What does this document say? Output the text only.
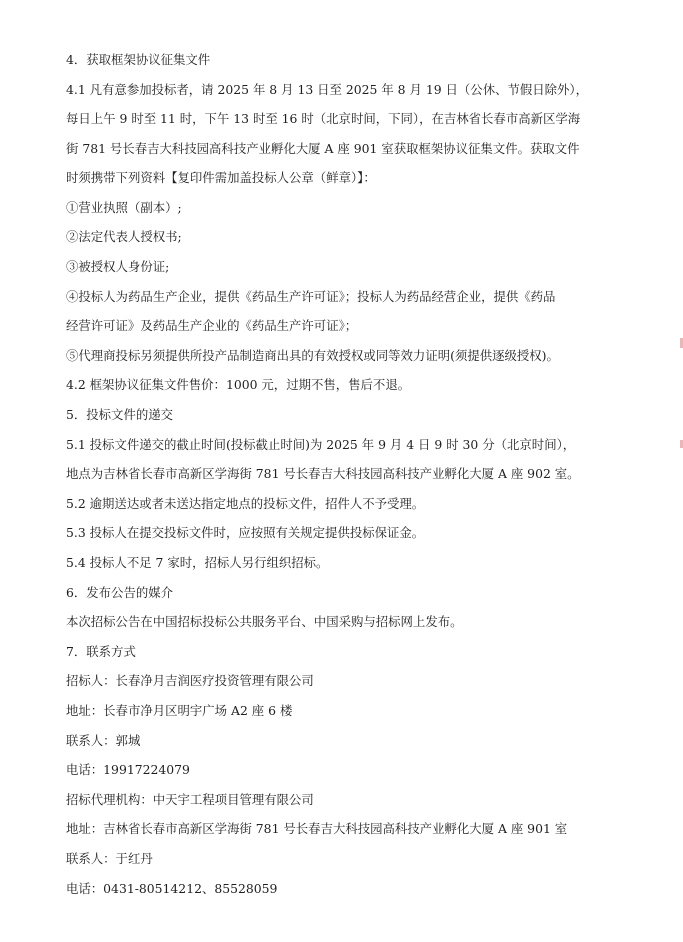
4．获取框架协议征集文件
4.1 凡有意参加投标者，请 2025 年 8 月 13 日至 2025 年 8 月 19 日（公休、节假日除外），
每日上午 9 时至 11 时，下午 13 时至 16 时（北京时间，下同），在吉林省长春市高新区学海
街 781 号长春吉大科技园高科技产业孵化大厦 A 座 901 室获取框架协议征集文件。获取文件
时须携带下列资料【复印件需加盖投标人公章（鲜章）】：
①营业执照（副本）;
②法定代表人授权书;
③被授权人身份证;
④投标人为药品生产企业，提供《药品生产许可证》；投标人为药品经营企业，提供《药品
经营许可证》及药品生产企业的《药品生产许可证》；
⑤代理商投标另须提供所投产品制造商出具的有效授权或同等效力证明(须提供逐级授权)。
4.2 框架协议征集文件售价：1000 元，过期不售，售后不退。
5．投标文件的递交
5.1 投标文件递交的截止时间(投标截止时间)为 2025 年 9 月 4 日 9 时 30 分（北京时间），
地点为吉林省长春市高新区学海街 781 号长春吉大科技园高科技产业孵化大厦 A 座 902 室。
5.2 逾期送达或者未送达指定地点的投标文件，招件人不予受理。
5.3 投标人在提交投标文件时，应按照有关规定提供投标保证金。
5.4 投标人不足 7 家时，招标人另行组织招标。
6．发布公告的媒介
本次招标公告在中国招标投标公共服务平台、中国采购与招标网上发布。
7．联系方式
招标人：长春净月吉润医疗投资管理有限公司
地址：长春市净月区明宇广场 A2 座 6 楼
联系人：郭城
电话：19917224079
招标代理机构：中天宇工程项目管理有限公司
地址：吉林省长春市高新区学海街 781 号长春吉大科技园高科技产业孵化大厦 A 座 901 室
联系人：于红丹
电话：0431-80514212、85528059
